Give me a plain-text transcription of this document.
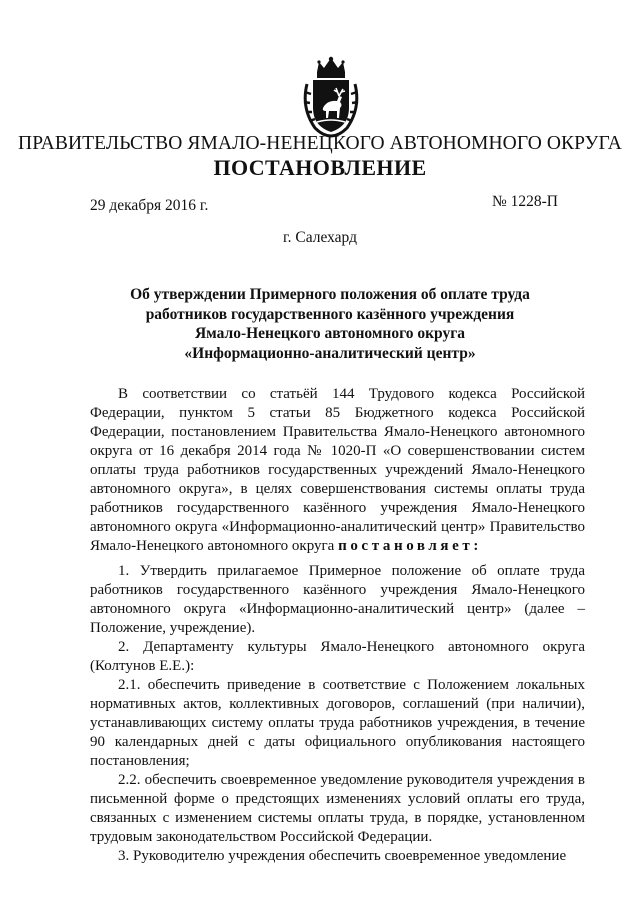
ПРАВИТЕЛЬСТВО ЯМАЛО-НЕНЕЦКОГО АВТОНОМНОГО ОКРУГА
ПОСТАНОВЛЕНИЕ
29 декабря 2016 г.	№ 1228-П
г. Салехард
Об утверждении Примерного положения об оплате труда работников государственного казённого учреждения Ямало-Ненецкого автономного округа «Информационно-аналитический центр»
В соответствии со статьёй 144 Трудового кодекса Российской Федерации, пунктом 5 статьи 85 Бюджетного кодекса Российской Федерации, постановлением Правительства Ямало-Ненецкого автономного округа от 16 декабря 2014 года № 1020-П «О совершенствовании систем оплаты труда работников государственных учреждений Ямало-Ненецкого автономного округа», в целях совершенствования системы оплаты труда работников государственного казённого учреждения Ямало-Ненецкого автономного округа «Информационно-аналитический центр» Правительство Ямало-Ненецкого автономного округа постановляет:

1. Утвердить прилагаемое Примерное положение об оплате труда работников государственного казённого учреждения Ямало-Ненецкого автономного округа «Информационно-аналитический центр» (далее – Положение, учреждение).

2. Департаменту культуры Ямало-Ненецкого автономного округа (Колтунов Е.Е.):

2.1. обеспечить приведение в соответствие с Положением локальных нормативных актов, коллективных договоров, соглашений (при наличии), устанавливающих систему оплаты труда работников учреждения, в течение 90 календарных дней с даты официального опубликования настоящего постановления;

2.2. обеспечить своевременное уведомление руководителя учреждения в письменной форме о предстоящих изменениях условий оплаты его труда, связанных с изменением системы оплаты труда, в порядке, установленном трудовым законодательством Российской Федерации.

3. Руководителю учреждения обеспечить своевременное уведомление
